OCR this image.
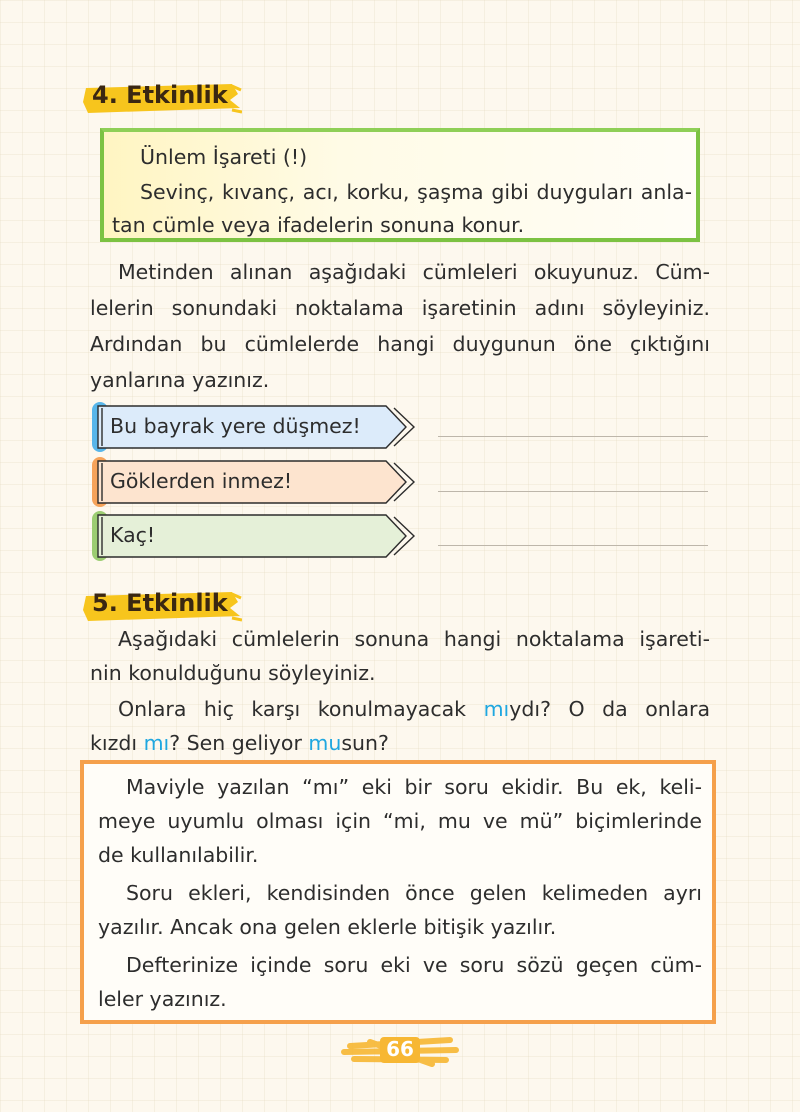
4. Etkinlik
Ünlem İşareti (!)
Sevinç, kıvanç, acı, korku, şaşma gibi duyguları anla-
tan cümle veya ifadelerin sonuna konur.
Metinden alınan aşağıdaki cümleleri okuyunuz. Cüm-
lelerin sonundaki noktalama işaretinin adını söyleyiniz.
Ardından bu cümlelerde hangi duygunun öne çıktığını
yanlarına yazınız.
Bu bayrak yere düşmez!
Göklerden inmez!
Kaç!
5. Etkinlik
Aşağıdaki cümlelerin sonuna hangi noktalama işareti-
nin konulduğunu söyleyiniz.
Onlara hiç karşı konulmayacak mıydı? O da onlara
kızdı mı? Sen geliyor musun?
Maviyle yazılan “mı” eki bir soru ekidir. Bu ek, keli-
meye uyumlu olması için “mi, mu ve mü” biçimlerinde
de kullanılabilir.
Soru ekleri, kendisinden önce gelen kelimeden ayrı
yazılır. Ancak ona gelen eklerle bitişik yazılır.
Defterinize içinde soru eki ve soru sözü geçen cüm-
leler yazınız.
66
